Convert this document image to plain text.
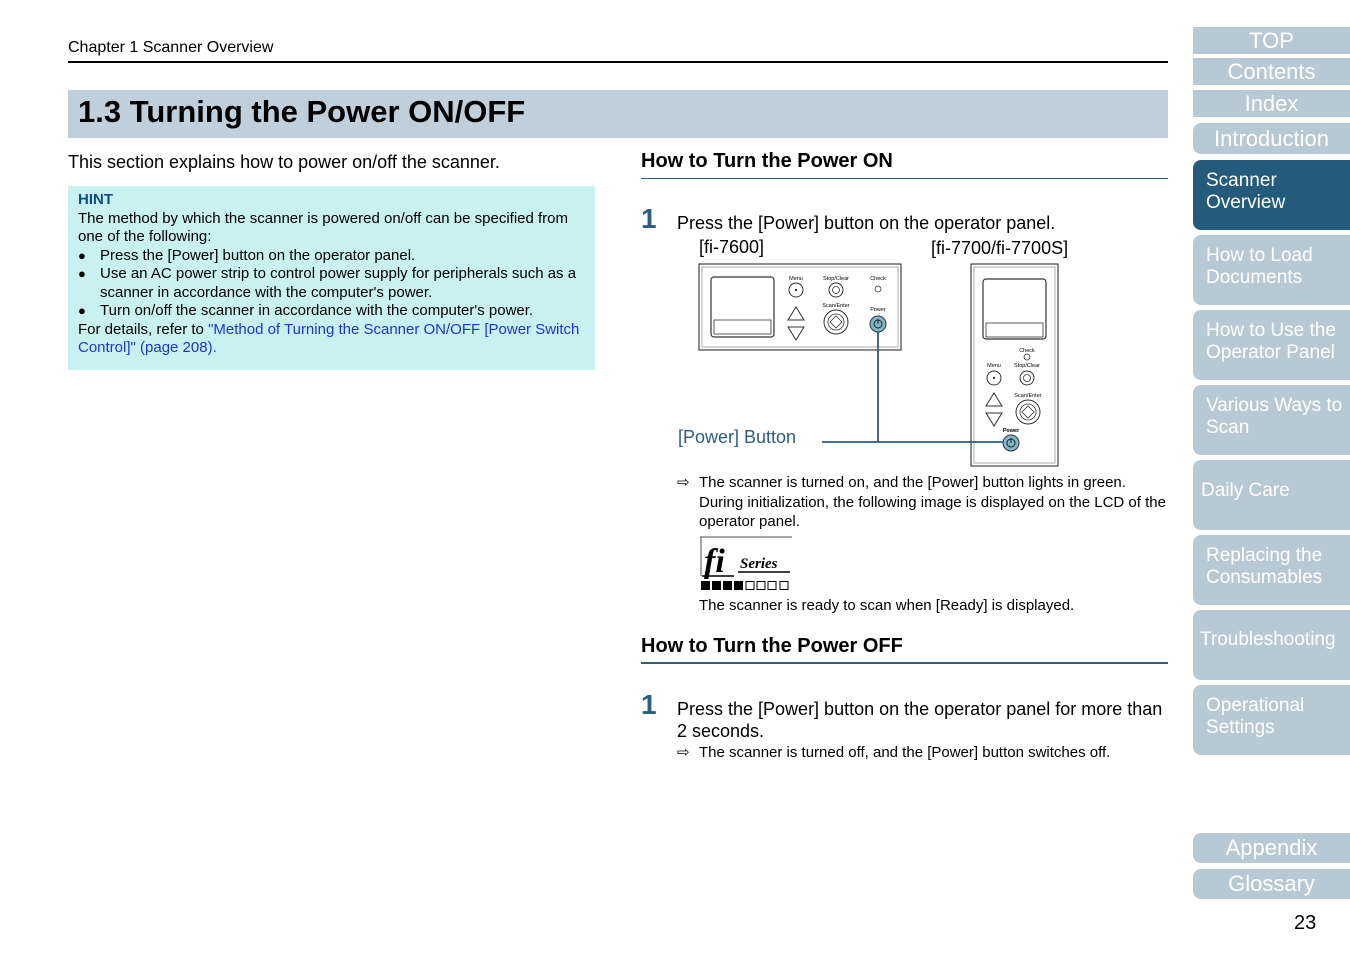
Chapter 1 Scanner Overview
1.3 Turning the Power ON/OFF
This section explains how to power on/off the scanner.
HINT
The method by which the scanner is powered on/off can be specified from one of the following:
● Press the [Power] button on the operator panel.
● Use an AC power strip to control power supply for peripherals such as a scanner in accordance with the computer's power.
● Turn on/off the scanner in accordance with the computer's power.
For details, refer to "Method of Turning the Scanner ON/OFF [Power Switch Control]" (page 208).
How to Turn the Power ON
1 Press the [Power] button on the operator panel.
[fi-7600]	[fi-7700/fi-7700S]
Menu	Stop/Clear	Check
Scan/Enter
Power
Check
Menu Stop/Clear
Scan/Enter
Power
[Power] Button
⇨ The scanner is turned on, and the [Power] button lights in green. During initialization, the following image is displayed on the LCD of the operator panel.
fi Series
The scanner is ready to scan when [Ready] is displayed.
How to Turn the Power OFF
1 Press the [Power] button on the operator panel for more than 2 seconds.
⇨ The scanner is turned off, and the [Power] button switches off.
TOP
Contents
Index
Introduction
Scanner Overview
How to Load Documents
How to Use the Operator Panel
Various Ways to Scan
Daily Care
Replacing the Consumables
Troubleshooting
Operational Settings
Appendix
Glossary
23
